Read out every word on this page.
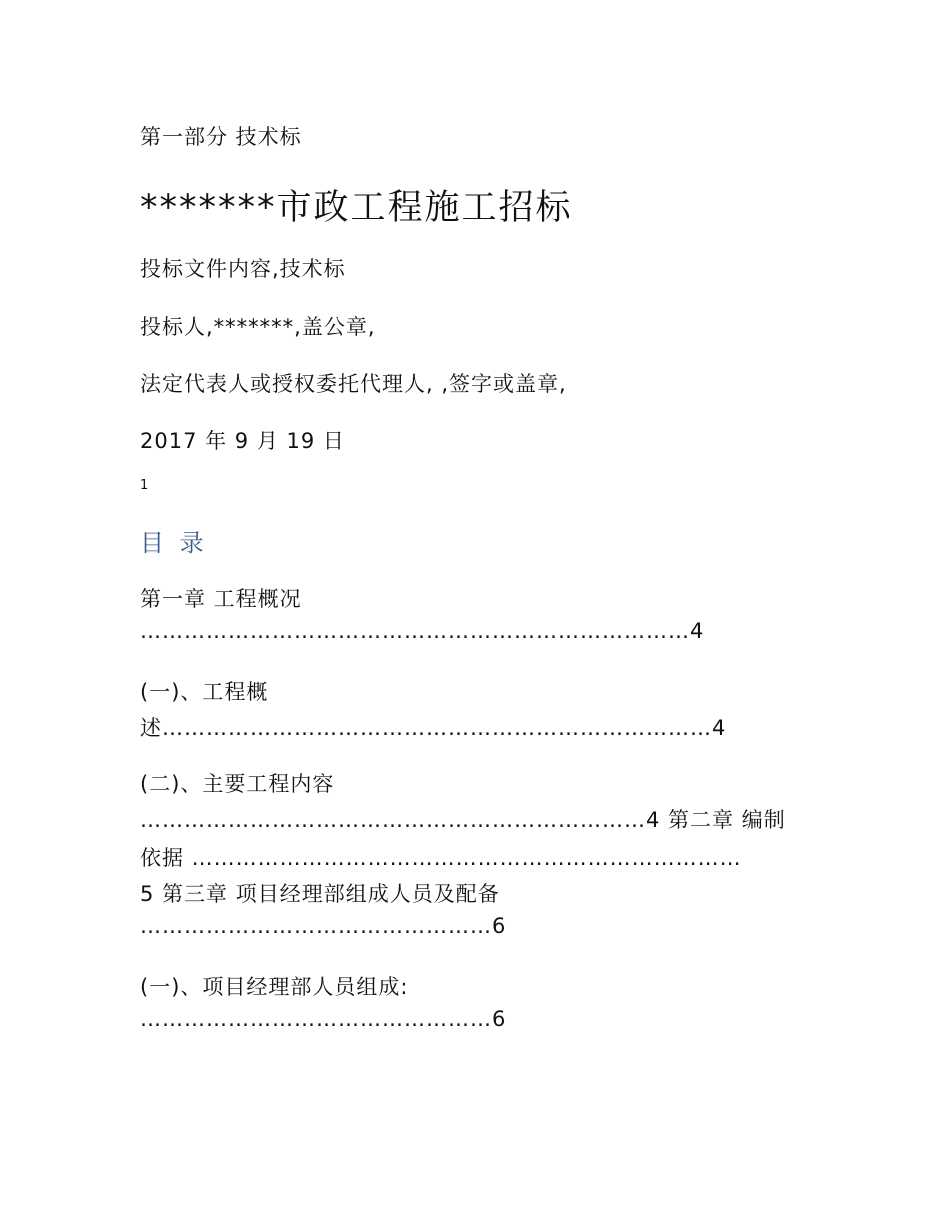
第一部分 技术标
*******市政工程施工招标
投标文件内容,技术标
投标人,*******,盖公章,
法定代表人或授权委托代理人, ,签字或盖章,
2017 年 9 月 19 日
1
目 录
第一章 工程概况
…………………………………………………………………4
(一)、工程概
述…………………………………………………………………4
(二)、主要工程内容
……………………………………………………………4 第二章 编制
依据 …………………………………………………………………
5 第三章 项目经理部组成人员及配备
…………………………………………6
(一)、项目经理部人员组成:
…………………………………………6
